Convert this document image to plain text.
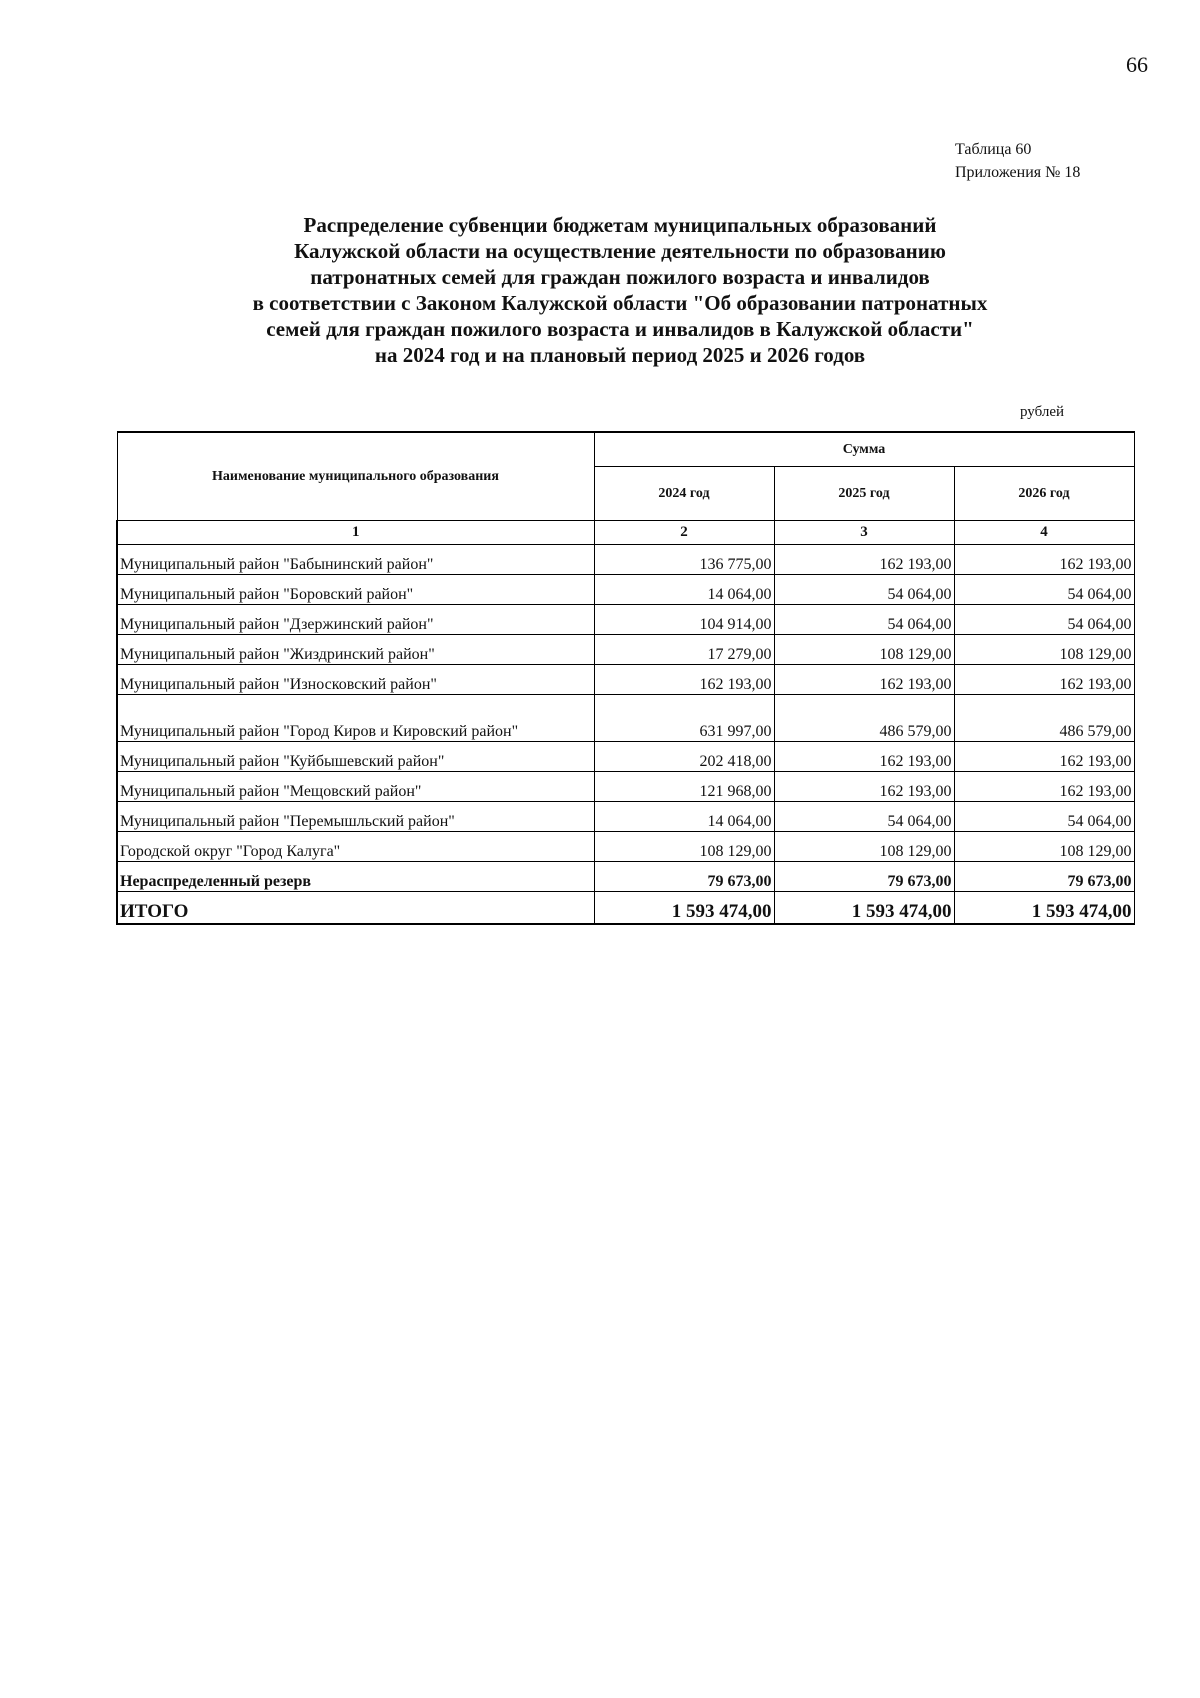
66
Таблица 60
Приложения № 18
Распределение субвенции бюджетам муниципальных образований
Калужской области на осуществление деятельности по образованию
патронатных семей для граждан пожилого возраста и инвалидов
в соответствии с Законом Калужской области "Об образовании патронатных
семей для граждан пожилого возраста и инвалидов в Калужской области"
на 2024 год и на плановый период 2025 и 2026 годов
рублей
Наименование муниципального образования	Сумма		
	2024 год	2025 год	2026 год
1	2	3	4
Муниципальный район "Бабынинский район"	136 775,00	162 193,00	162 193,00
Муниципальный район "Боровский район"	14 064,00	54 064,00	54 064,00
Муниципальный район "Дзержинский район"	104 914,00	54 064,00	54 064,00
Муниципальный район "Жиздринский район"	17 279,00	108 129,00	108 129,00
Муниципальный район "Износковский район"	162 193,00	162 193,00	162 193,00
Муниципальный район "Город Киров и Кировский район"	631 997,00	486 579,00	486 579,00
Муниципальный район "Куйбышевский район"	202 418,00	162 193,00	162 193,00
Муниципальный район "Мещовский район"	121 968,00	162 193,00	162 193,00
Муниципальный район "Перемышльский район"	14 064,00	54 064,00	54 064,00
Городской округ "Город Калуга"	108 129,00	108 129,00	108 129,00
Нераспределенный резерв	79 673,00	79 673,00	79 673,00
ИТОГО	1 593 474,00	1 593 474,00	1 593 474,00
